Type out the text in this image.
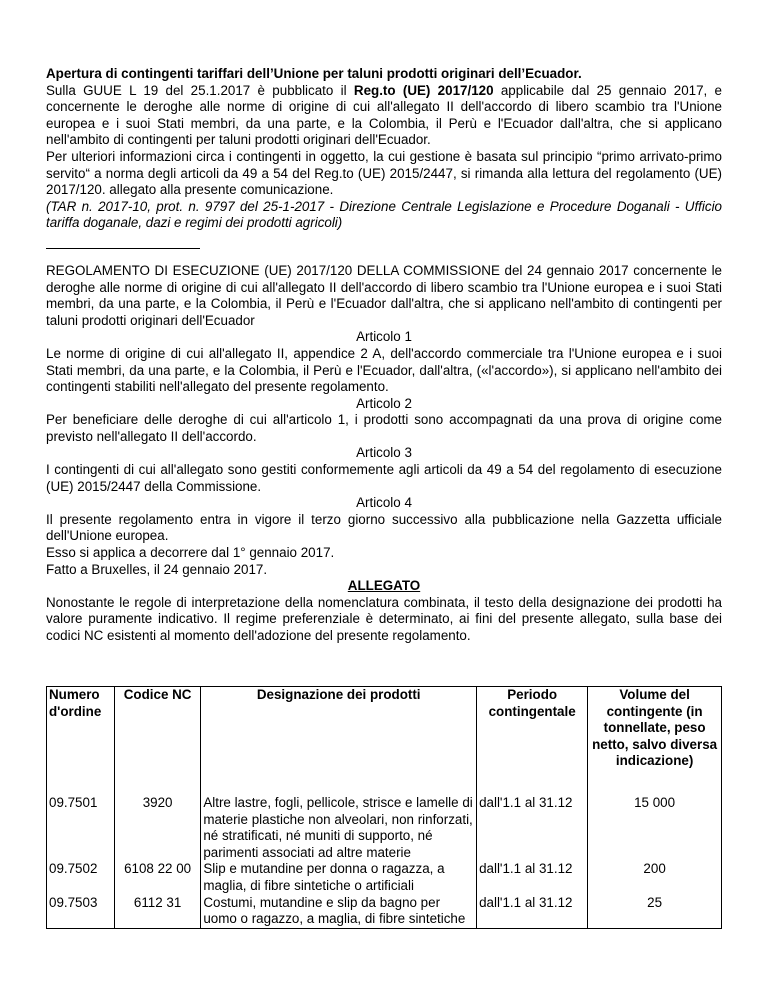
Apertura di contingenti tariffari dell’Unione per taluni prodotti originari dell’Ecuador.

Sulla GUUE L 19 del 25.1.2017 è pubblicato il Reg.to (UE) 2017/120 applicabile dal 25 gennaio 2017, e concernente le deroghe alle norme di origine di cui all'allegato II dell'accordo di libero scambio tra l'Unione europea e i suoi Stati membri, da una parte, e la Colombia, il Perù e l'Ecuador dall'altra, che si applicano nell'ambito di contingenti per taluni prodotti originari dell'Ecuador.

Per ulteriori informazioni circa i contingenti in oggetto, la cui gestione è basata sul principio “primo arrivato-primo servito“ a norma degli articoli da 49 a 54 del Reg.to (UE) 2015/2447, si rimanda alla lettura del regolamento (UE) 2017/120. allegato alla presente comunicazione.

(TAR n. 2017-10, prot. n. 9797 del 25-1-2017 - Direzione Centrale Legislazione e Procedure Doganali - Ufficio tariffa doganale, dazi e regimi dei prodotti agricoli)

REGOLAMENTO DI ESECUZIONE (UE) 2017/120 DELLA COMMISSIONE del 24 gennaio 2017 concernente le deroghe alle norme di origine di cui all'allegato II dell'accordo di libero scambio tra l'Unione europea e i suoi Stati membri, da una parte, e la Colombia, il Perù e l'Ecuador dall'altra, che si applicano nell'ambito di contingenti per taluni prodotti originari dell'Ecuador

Articolo 1

Le norme di origine di cui all'allegato II, appendice 2 A, dell'accordo commerciale tra l'Unione europea e i suoi Stati membri, da una parte, e la Colombia, il Perù e l'Ecuador, dall'altra, («l'accordo»), si applicano nell'ambito dei contingenti stabiliti nell'allegato del presente regolamento.

Articolo 2

Per beneficiare delle deroghe di cui all'articolo 1, i prodotti sono accompagnati da una prova di origine come previsto nell'allegato II dell'accordo.

Articolo 3

I contingenti di cui all'allegato sono gestiti conformemente agli articoli da 49 a 54 del regolamento di esecuzione (UE) 2015/2447 della Commissione.

Articolo 4

Il presente regolamento entra in vigore il terzo giorno successivo alla pubblicazione nella Gazzetta ufficiale dell'Unione europea.

Esso si applica a decorrere dal 1° gennaio 2017.

Fatto a Bruxelles, il 24 gennaio 2017.

ALLEGATO

Nonostante le regole di interpretazione della nomenclatura combinata, il testo della designazione dei prodotti ha valore puramente indicativo. Il regime preferenziale è determinato, ai fini del presente allegato, sulla base dei codici NC esistenti al momento dell'adozione del presente regolamento.

Numero d'ordine	Codice NC	Designazione dei prodotti	Periodo contingentale	Volume del contingente (in tonnellate, peso netto, salvo diversa indicazione)
09.7501	3920	Altre lastre, fogli, pellicole, strisce e lamelle di materie plastiche non alveolari, non rinforzati, né stratificati, né muniti di supporto, né parimenti associati ad altre materie	dall'1.1 al 31.12	15 000
09.7502	6108 22 00	Slip e mutandine per donna o ragazza, a maglia, di fibre sintetiche o artificiali	dall'1.1 al 31.12	200
09.7503	6112 31	Costumi, mutandine e slip da bagno per uomo o ragazzo, a maglia, di fibre sintetiche	dall'1.1 al 31.12	25
